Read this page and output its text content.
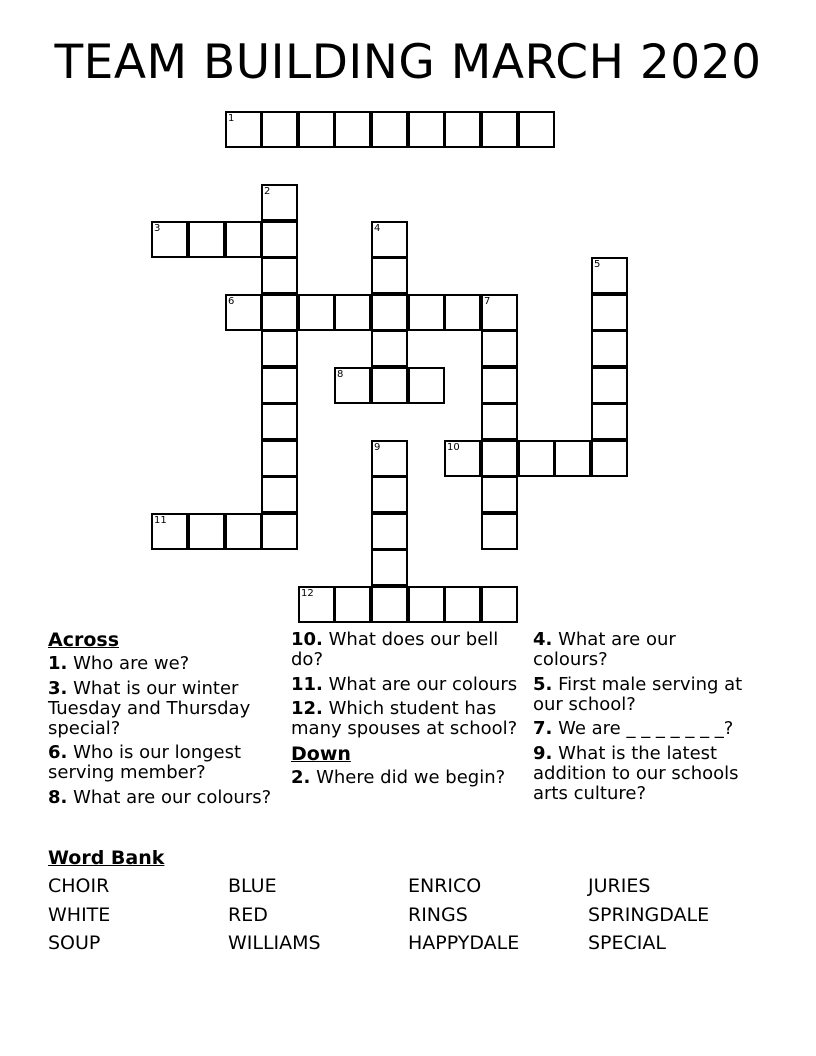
TEAM BUILDING MARCH 2020
1
2
3	4
5
6	7
8
9	10
11
12
Across
1. Who are we?
3. What is our winter Tuesday and Thursday special?
6. Who is our longest serving member?
8. What are our colours?
10. What does our bell do?
11. What are our colours
12. Which student has many spouses at school?
Down
2. Where did we begin?
4. What are our colours?
5. First male serving at our school?
7. We are _ _ _ _ _ _ _?
9. What is the latest addition to our schools arts culture?
Word Bank
CHOIR	BLUE	ENRICO	JURIES
WHITE	RED	RINGS	SPRINGDALE
SOUP	WILLIAMS	HAPPYDALE	SPECIAL
